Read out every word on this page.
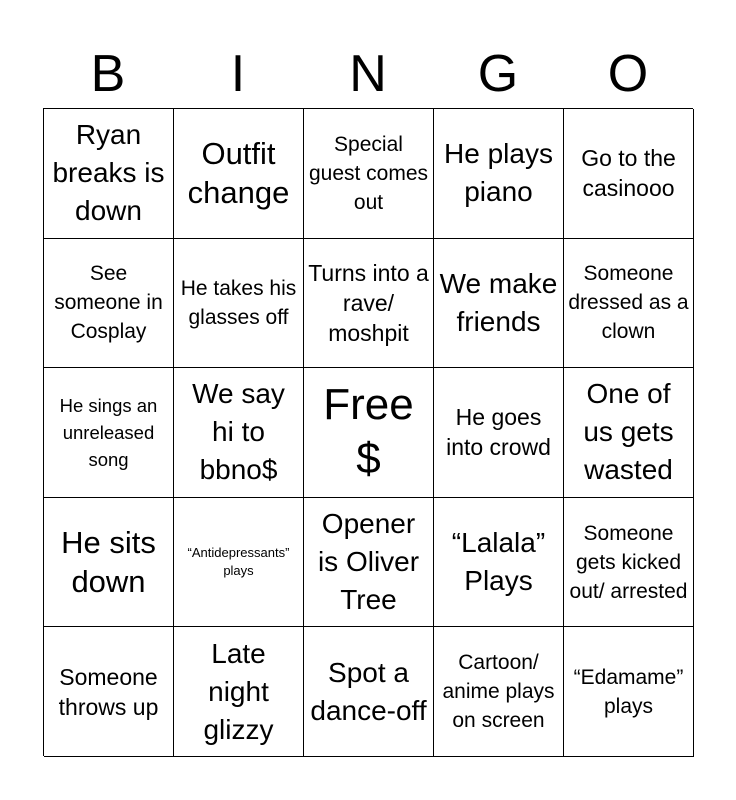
B	I	N	G	O
Ryan breaks is down
Outfit change
Special guest comes out
He plays piano
Go to the casinooo
See someone in Cosplay
He takes his glasses off
Turns into a rave/ moshpit
We make friends
Someone dressed as a clown
He sings an unreleased song
We say hi to bbno$
Free $
He goes into crowd
One of us gets wasted
He sits down
“Antidepressants” plays
Opener is Oliver Tree
“Lalala” Plays
Someone gets kicked out/ arrested
Someone throws up
Late night glizzy
Spot a dance-off
Cartoon/ anime plays on screen
“Edamame” plays
